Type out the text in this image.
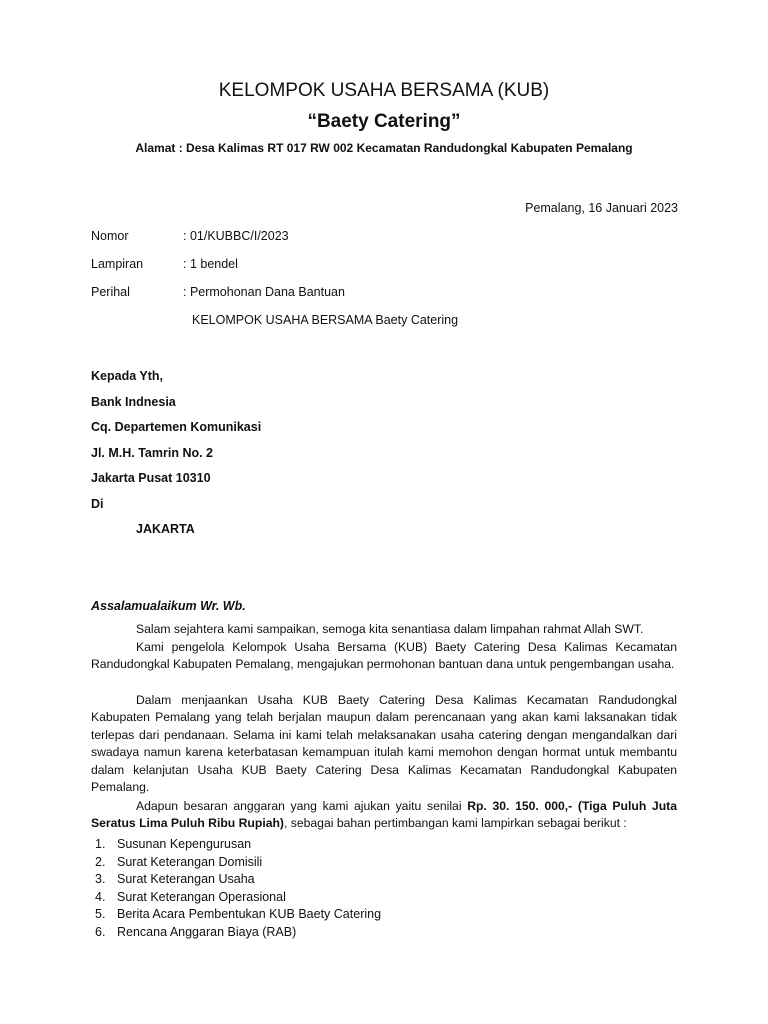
KELOMPOK USAHA BERSAMA (KUB)
“Baety Catering”
Alamat : Desa Kalimas RT 017 RW 002 Kecamatan Randudongkal Kabupaten Pemalang
Pemalang, 16 Januari 2023
Nomor	: 01/KUBBC/I/2023
Lampiran	: 1 bendel
Perihal	: Permohonan Dana Bantuan
KELOMPOK USAHA BERSAMA Baety Catering
Kepada Yth,
Bank Indnesia
Cq. Departemen Komunikasi
Jl. M.H. Tamrin No. 2
Jakarta Pusat 10310
Di
JAKARTA
Assalamualaikum Wr. Wb.
Salam sejahtera kami sampaikan, semoga kita senantiasa dalam limpahan rahmat Allah SWT.
Kami pengelola Kelompok Usaha Bersama (KUB) Baety Catering Desa Kalimas Kecamatan Randudongkal Kabupaten Pemalang, mengajukan permohonan bantuan dana untuk pengembangan usaha.
Dalam menjaankan Usaha KUB Baety Catering Desa Kalimas Kecamatan Randudongkal Kabupaten Pemalang yang telah berjalan maupun dalam perencanaan yang akan kami laksanakan tidak terlepas dari pendanaan. Selama ini kami telah melaksanakan usaha catering dengan mengandalkan dari swadaya namun karena keterbatasan kemampuan itulah kami memohon dengan hormat untuk membantu dalam kelanjutan Usaha KUB Baety Catering Desa Kalimas Kecamatan Randudongkal Kabupaten Pemalang.
Adapun besaran anggaran yang kami ajukan yaitu senilai Rp. 30. 150. 000,- (Tiga Puluh Juta Seratus Lima Puluh Ribu Rupiah), sebagai bahan pertimbangan kami lampirkan sebagai berikut :
1. Susunan Kepengurusan
2. Surat Keterangan Domisili
3. Surat Keterangan Usaha
4. Surat Keterangan Operasional
5. Berita Acara Pembentukan KUB Baety Catering
6. Rencana Anggaran Biaya (RAB)
